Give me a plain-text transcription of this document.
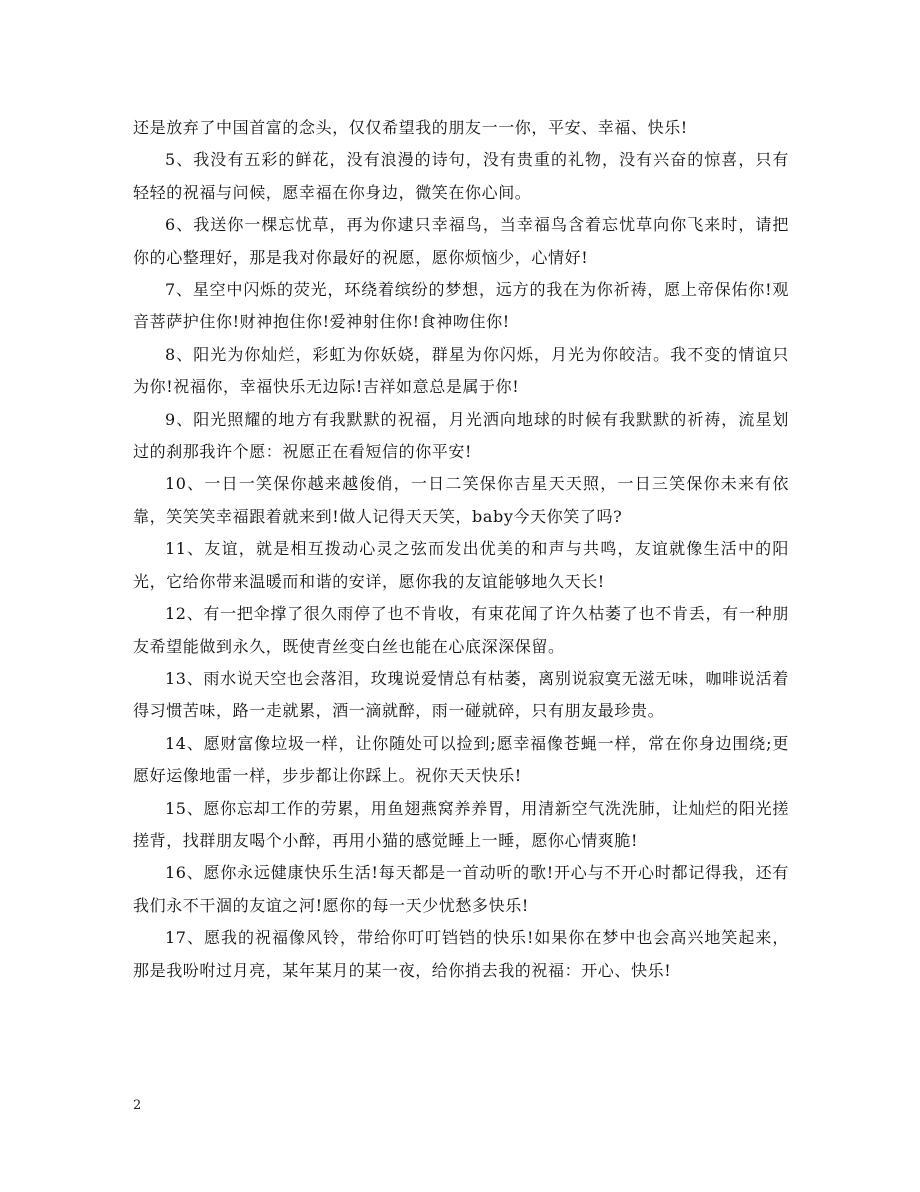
还是放弃了中国首富的念头，仅仅希望我的朋友一一你，平安、幸福、快乐!

5、我没有五彩的鲜花，没有浪漫的诗句，没有贵重的礼物，没有兴奋的惊喜，只有轻轻的祝福与问候，愿幸福在你身边，微笑在你心间。

6、我送你一棵忘忧草，再为你逮只幸福鸟，当幸福鸟含着忘忧草向你飞来时，请把你的心整理好，那是我对你最好的祝愿，愿你烦恼少，心情好!

7、星空中闪烁的荧光，环绕着缤纷的梦想，远方的我在为你祈祷，愿上帝保佑你!观音菩萨护住你!财神抱住你!爱神射住你!食神吻住你!

8、阳光为你灿烂，彩虹为你妖娆，群星为你闪烁，月光为你皎洁。我不变的情谊只为你!祝福你，幸福快乐无边际!吉祥如意总是属于你!

9、阳光照耀的地方有我默默的祝福，月光洒向地球的时候有我默默的祈祷，流星划过的刹那我许个愿：祝愿正在看短信的你平安!

10、一日一笑保你越来越俊俏，一日二笑保你吉星天天照，一日三笑保你未来有依靠，笑笑笑幸福跟着就来到!做人记得天天笑，baby今天你笑了吗?

11、友谊，就是相互拨动心灵之弦而发出优美的和声与共鸣，友谊就像生活中的阳光，它给你带来温暖而和谐的安详，愿你我的友谊能够地久天长!

12、有一把伞撑了很久雨停了也不肯收，有束花闻了许久枯萎了也不肯丢，有一种朋友希望能做到永久，既使青丝变白丝也能在心底深深保留。

13、雨水说天空也会落泪，玫瑰说爱情总有枯萎，离别说寂寞无滋无味，咖啡说活着得习惯苦味，路一走就累，酒一滴就醉，雨一碰就碎，只有朋友最珍贵。

14、愿财富像垃圾一样，让你随处可以捡到;愿幸福像苍蝇一样，常在你身边围绕;更愿好运像地雷一样，步步都让你踩上。祝你天天快乐!

15、愿你忘却工作的劳累，用鱼翅燕窝养养胃，用清新空气洗洗肺，让灿烂的阳光搓搓背，找群朋友喝个小醉，再用小猫的感觉睡上一睡，愿你心情爽脆!

16、愿你永远健康快乐生活!每天都是一首动听的歌!开心与不开心时都记得我，还有我们永不干涸的友谊之河!愿你的每一天少忧愁多快乐!

17、愿我的祝福像风铃，带给你叮叮铛铛的快乐!如果你在梦中也会高兴地笑起来，那是我吩咐过月亮，某年某月的某一夜，给你捎去我的祝福：开心、快乐!

2
